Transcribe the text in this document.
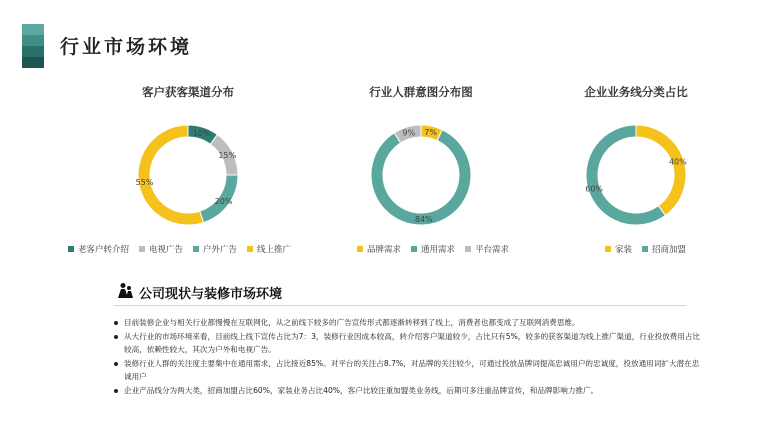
行业市场环境
客户获客渠道分布
10%
15%
20%
55%
老客户转介绍 电视广告 户外广告 线上推广
行业人群意图分布图
7%
84%
9%
品牌需求 通用需求 平台需求
企业业务线分类占比
40%
60%
家装 招商加盟
公司现状与装修市场环境
目前装修企业与相关行业都慢慢在互联网化，从之前线下较多的广告宣传形式都逐渐转移到了线上，消费者也都变成了互联网消费思维。
从大行业的市场环境来看，目前线上线下宣传占比为7：3，装修行业因成本较高，转介绍客户渠道较少，占比只有5%，较多的获客渠道为线上推广渠道，行业投放费用占比较高，依赖性较大，其次为户外和电视广告。
装修行业人群的关注度主要集中在通用需求，占比接近85%。对平台的关注占8.7%，对品牌的关注较少，可通过投放品牌词提高忠诚用户的忠诚度，投放通用词扩大潜在忠诚用户
企业产品线分为两大类，招商加盟占比60%，家装业务占比40%，客户比较注重加盟类业务线，后期可多注重品牌宣传，和品牌影响力推广。
